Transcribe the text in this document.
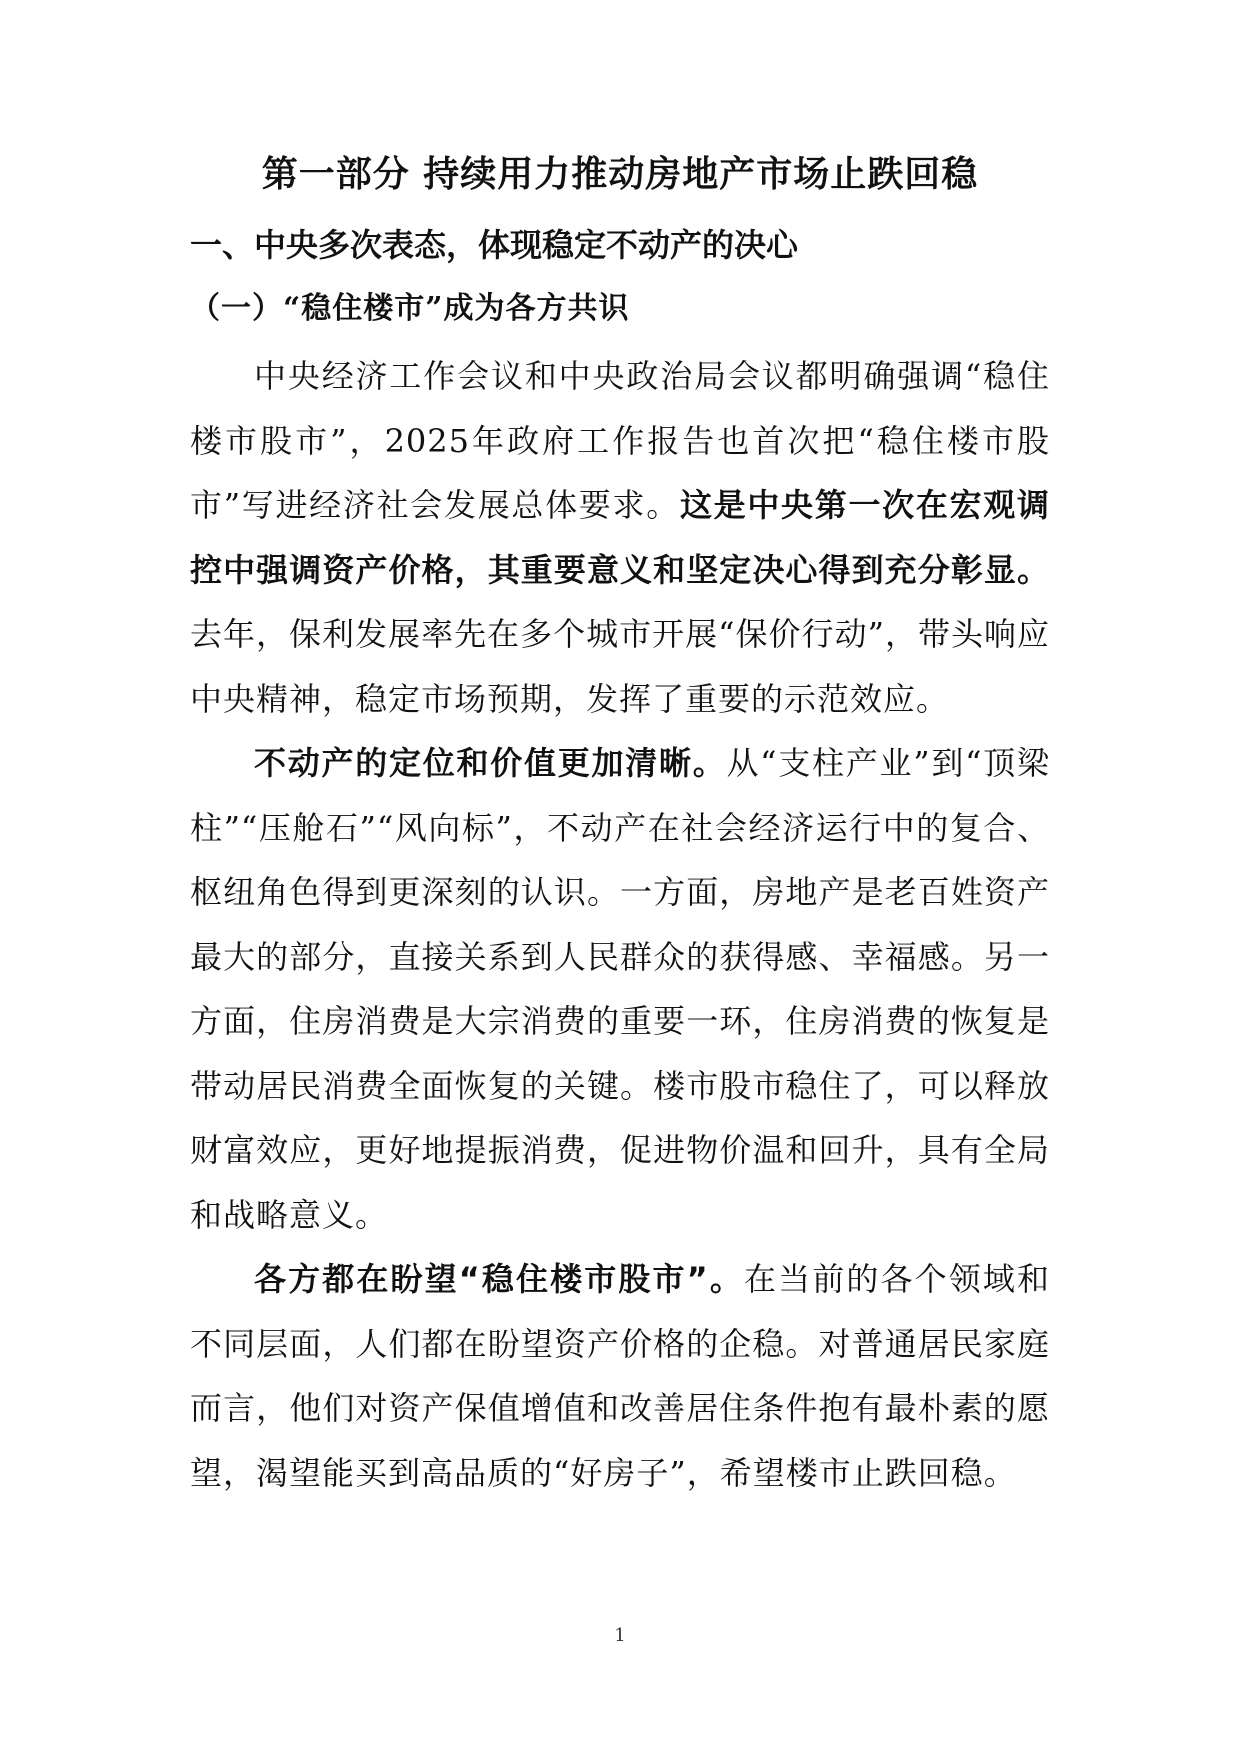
第一部分 持续用力推动房地产市场止跌回稳
一、中央多次表态，体现稳定不动产的决心
（一）“稳住楼市”成为各方共识

中央经济工作会议和中央政治局会议都明确强调“稳住楼市股市”，2025年政府工作报告也首次把“稳住楼市股市”写进经济社会发展总体要求。这是中央第一次在宏观调控中强调资产价格，其重要意义和坚定决心得到充分彰显。去年，保利发展率先在多个城市开展“保价行动”，带头响应中央精神，稳定市场预期，发挥了重要的示范效应。

不动产的定位和价值更加清晰。从“支柱产业”到“顶梁柱”“压舱石”“风向标”，不动产在社会经济运行中的复合、枢纽角色得到更深刻的认识。一方面，房地产是老百姓资产最大的部分，直接关系到人民群众的获得感、幸福感。另一方面，住房消费是大宗消费的重要一环，住房消费的恢复是带动居民消费全面恢复的关键。楼市股市稳住了，可以释放财富效应，更好地提振消费，促进物价温和回升，具有全局和战略意义。

各方都在盼望“稳住楼市股市”。在当前的各个领域和不同层面，人们都在盼望资产价格的企稳。对普通居民家庭而言，他们对资产保值增值和改善居住条件抱有最朴素的愿望，渴望能买到高品质的“好房子”，希望楼市止跌回稳。

1
